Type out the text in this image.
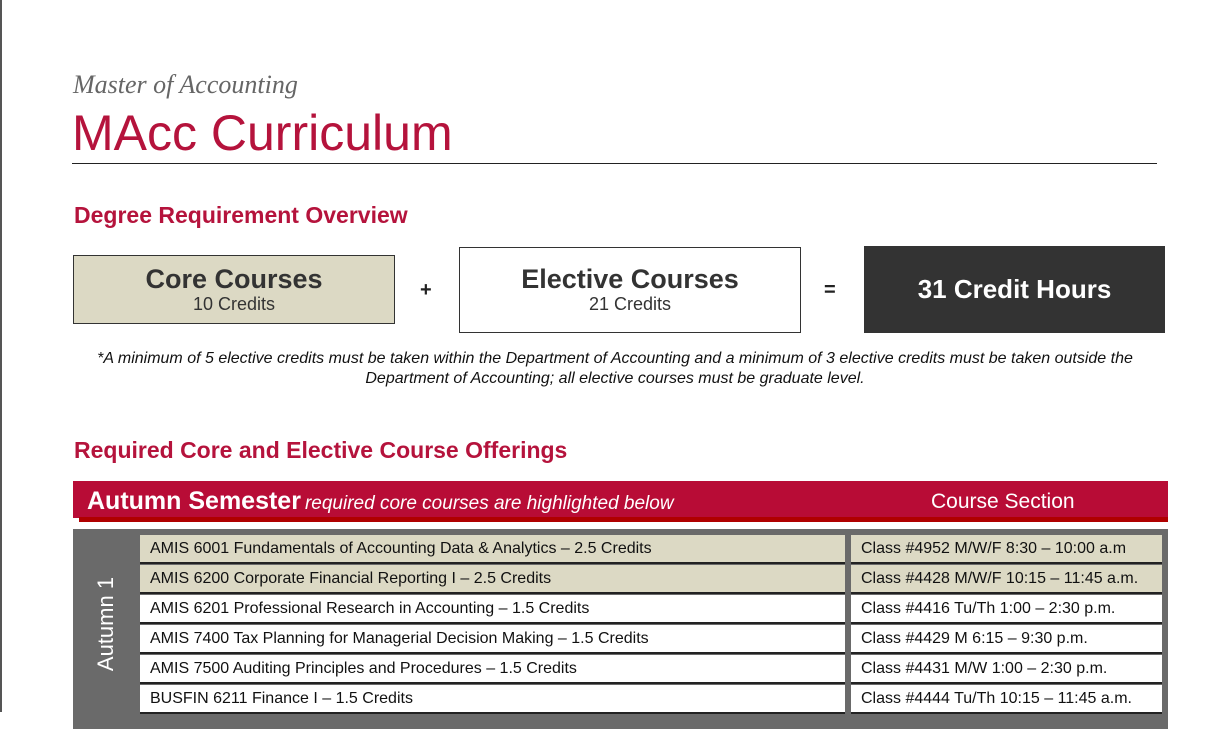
Master of Accounting
MAcc Curriculum
Degree Requirement Overview
Core Courses
10 Credits
+	Elective Courses
21 Credits
=	31 Credit Hours
*A minimum of 5 elective credits must be taken within the Department of Accounting and a minimum of 3 elective credits must be taken outside the Department of Accounting; all elective courses must be graduate level.
Required Core and Elective Course Offerings
Autumn Semester required core courses are highlighted below	Course Section
Autumn 1
AMIS 6001 Fundamentals of Accounting Data & Analytics – 2.5 Credits	Class #4952 M/W/F 8:30 – 10:00 a.m
AMIS 6200 Corporate Financial Reporting I – 2.5 Credits	Class #4428 M/W/F 10:15 – 11:45 a.m.
AMIS 6201 Professional Research in Accounting – 1.5 Credits	Class #4416 Tu/Th 1:00 – 2:30 p.m.
AMIS 7400 Tax Planning for Managerial Decision Making – 1.5 Credits	Class #4429 M 6:15 – 9:30 p.m.
AMIS 7500 Auditing Principles and Procedures – 1.5 Credits	Class #4431 M/W 1:00 – 2:30 p.m.
BUSFIN 6211 Finance I – 1.5 Credits	Class #4444 Tu/Th 10:15 – 11:45 a.m.
